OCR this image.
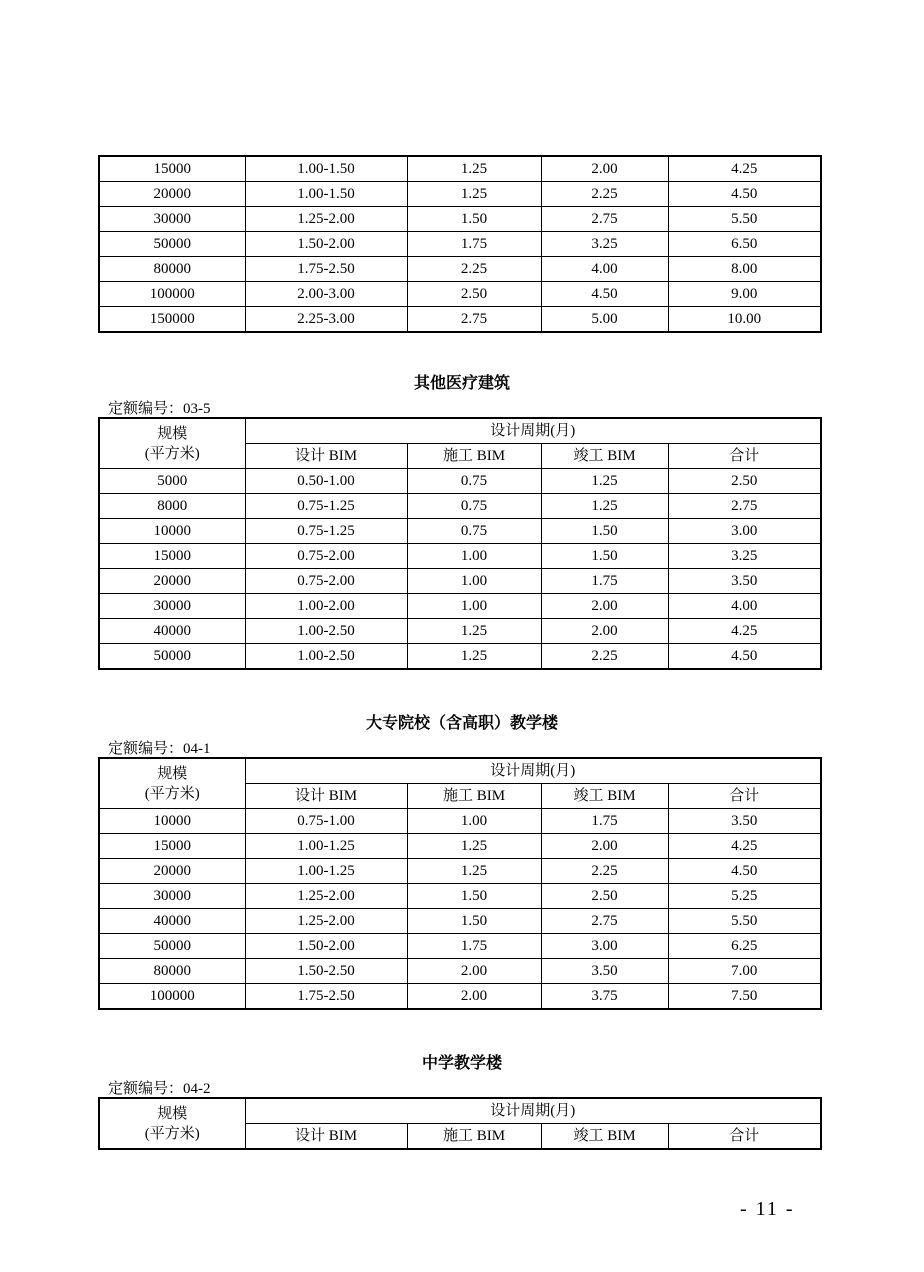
15000	1.00-1.50	1.25	2.00	4.25
20000	1.00-1.50	1.25	2.25	4.50
30000	1.25-2.00	1.50	2.75	5.50
50000	1.50-2.00	1.75	3.25	6.50
80000	1.75-2.50	2.25	4.00	8.00
100000	2.00-3.00	2.50	4.50	9.00
150000	2.25-3.00	2.75	5.00	10.00
其他医疗建筑
定额编号：03-5
规模
(平方米)	设计周期(月)			
	设计 BIM	施工 BIM	竣工 BIM	合计
5000	0.50-1.00	0.75	1.25	2.50
8000	0.75-1.25	0.75	1.25	2.75
10000	0.75-1.25	0.75	1.50	3.00
15000	0.75-2.00	1.00	1.50	3.25
20000	0.75-2.00	1.00	1.75	3.50
30000	1.00-2.00	1.00	2.00	4.00
40000	1.00-2.50	1.25	2.00	4.25
50000	1.00-2.50	1.25	2.25	4.50
大专院校（含高职）教学楼
定额编号：04-1
规模
(平方米)	设计周期(月)			
	设计 BIM	施工 BIM	竣工 BIM	合计
10000	0.75-1.00	1.00	1.75	3.50
15000	1.00-1.25	1.25	2.00	4.25
20000	1.00-1.25	1.25	2.25	4.50
30000	1.25-2.00	1.50	2.50	5.25
40000	1.25-2.00	1.50	2.75	5.50
50000	1.50-2.00	1.75	3.00	6.25
80000	1.50-2.50	2.00	3.50	7.00
100000	1.75-2.50	2.00	3.75	7.50
中学教学楼
定额编号：04-2
规模
(平方米)	设计周期(月)			
	设计 BIM	施工 BIM	竣工 BIM	合计
- 11 -
